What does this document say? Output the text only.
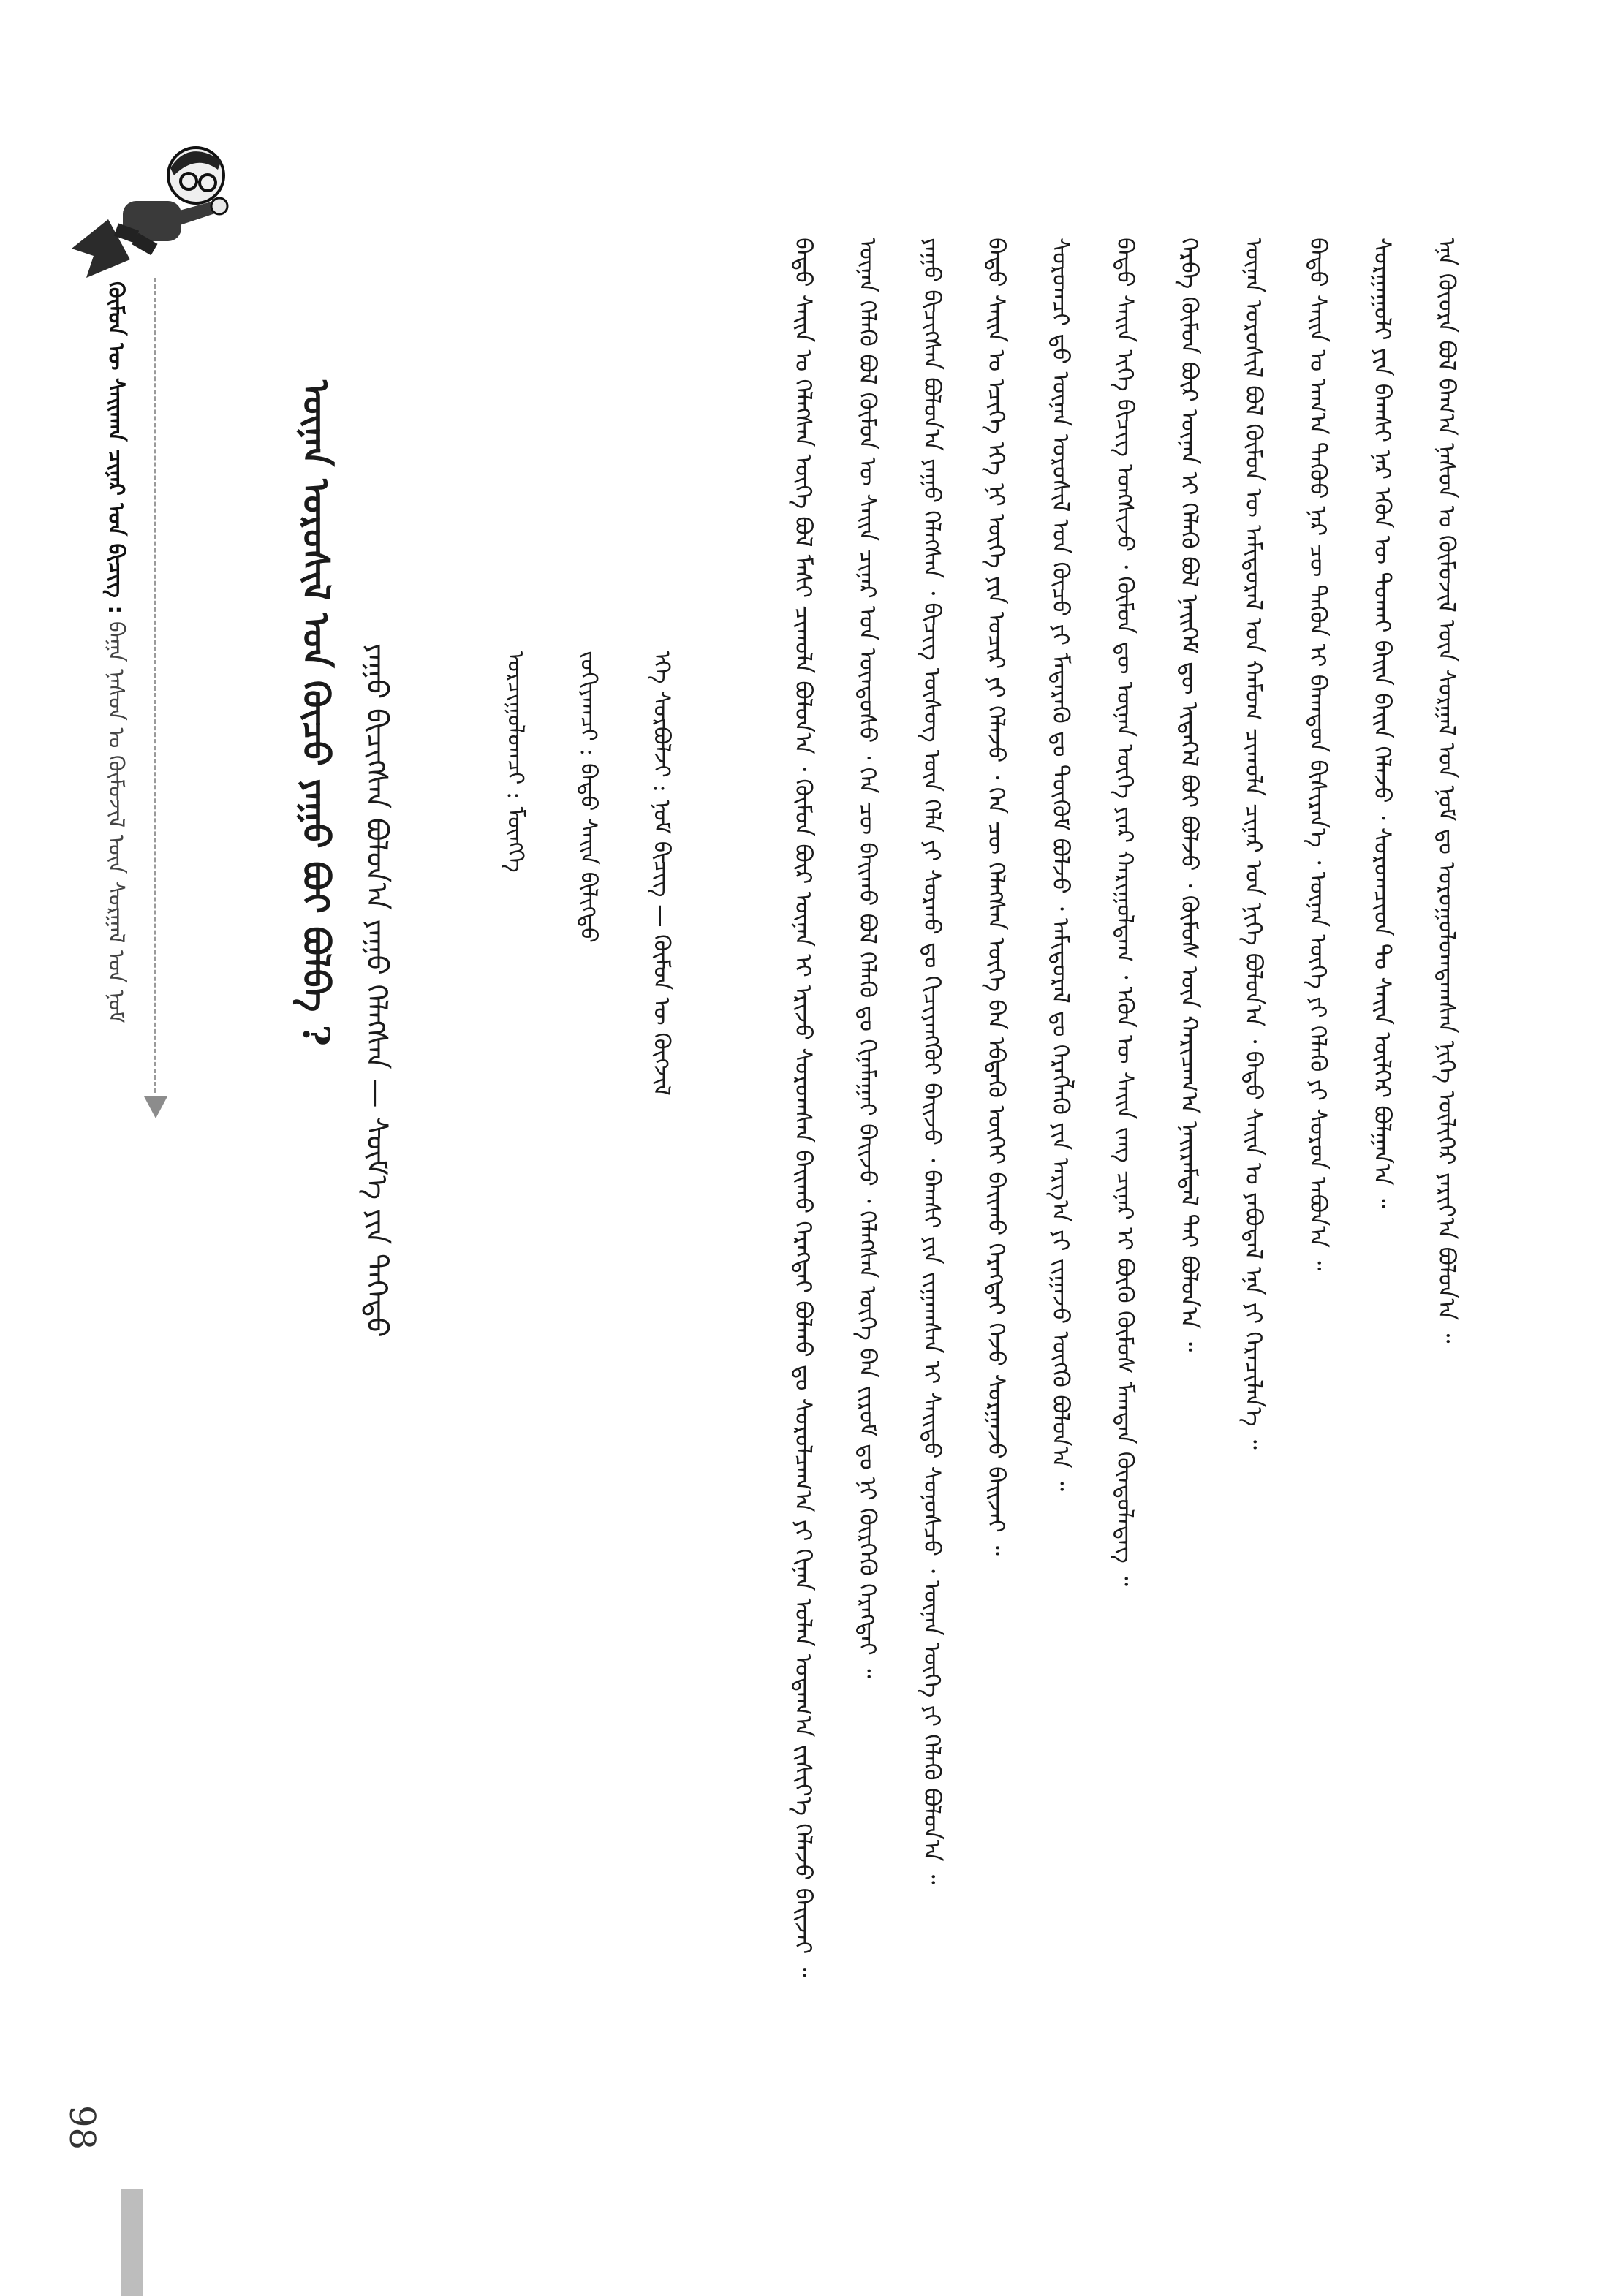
ᠬᠦᠮᠦᠨ ᠦ ᠰᠠᠢᠬᠠᠨ ᠴᠢᠨᠠᠷ ᠤᠨ ᠪᠢᠴᠢᠭ : ᠪᠠᠭᠠ ᠨᠠᠰᠤᠨ ᠤ ᠬᠦᠮᠦᠵᠢᠯ ᠦᠨ ᠰᠤᠷᠭᠠᠯ ᠤᠨ ᠨᠣᠮ	ᠦᠨᠡᠨ ᠤᠷᠤᠰᠢᠯ ᠤᠨ ᠬᠦᠴᠦ ᠶᠠᠭᠤ ᠪᠤᠢ ᠪᠣᠯᠪᠠ ? ᠶᠠᠭᠤ ᠪᠢᠴᠢᠭᠰᠡᠨ ᠪᠣᠯᠤᠨ᠎ᠠ ᠶᠠᠭᠤ ᠬᠡᠯᠡᠭᠰᠡᠨ — ᠰᠦᠮ᠎ᠡ ᠶᠢᠨ ᠳᠡᠭᠡᠳᠦ	ᠡᠬᠡ ᠰᠤᠷᠪᠤᠯᠵᠢ : ᠨᠣᠮ ᠪᠢᠴᠢᠭ — ᠬᠦᠮᠦᠨ ᠦ ᠬᠥᠭᠵᠢᠯ
ᠵᠣᠬᠢᠶᠠᠭᠴᠢ : ᠪᠠᠲᠤ ᠰᠠᠢᠨ ᠪᠢᠯᠢᠭ᠌ᠲᠦ
ᠣᠷᠴᠢᠭᠤᠯᠤᠭᠴᠢ : ᠮᠥᠩᠬᠡ	ᠪᠠᠲᠤ ᠰᠠᠢᠨ ᠤ ᠬᠡᠯᠡᠭᠰᠡᠨ ᠦᠭᠡ ᠪᠤᠯ ᠮᠠᠰᠢ ᠴᠢᠬᠤᠯᠠ ᠪᠣᠯᠤᠨ᠎ᠠ ᠂ ᠬᠦᠮᠦᠨ ᠪᠦᠷ ᠦᠨᠡᠨ ᠢ ᠡᠷᠢᠵᠦ ᠰᠤᠷᠤᠭᠰᠠᠨ ᠪᠠᠢᠬᠤ ᠬᠡᠷᠡᠭᠲᠡᠢ ᠪᠣᠯᠬᠤ ᠳᠤ ᠰᠤᠷᠤᠯᠴᠠᠭ᠎ᠠ ᠶᠢ ᠬᠢᠨᠠᠨ ᠤᠯᠠᠨ ᠤᠳᠠᠭ᠎ᠠ ᠵᠢᠱᠢᠶ᠎ᠡ ᠬᠡᠯᠡᠵᠦ ᠪᠠᠢᠵᠠᠢ ᠃	ᠦᠨᠡᠨ ᠬᠡᠯᠡᠬᠦ ᠪᠣᠯ ᠬᠦᠮᠦᠨ ᠦ ᠰᠠᠢᠨ ᠴᠢᠨᠠᠷ ᠤᠨ ᠦᠨᠳᠦᠰᠦ ᠂ ᠬᠡᠨ ᠴᠦ ᠪᠠᠢᠬᠤ ᠪᠣᠯ ᠬᠡᠯᠡᠬᠦ ᠳᠤ ᠬᠢᠨᠠᠮᠠᠭᠠᠢ ᠪᠠᠢᠵᠤ ᠂ ᠬᠡᠯᠡᠭᠰᠡᠨ ᠦᠭᠡ ᠪᠡᠨ ᠵᠢᠷᠤᠮ ᠳᠤ ᠨᠢ ᠬᠦᠷᠭᠡᠬᠦ ᠬᠡᠷᠡᠭᠲᠡᠢ ᠃	ᠶᠠᠭᠤ ᠪᠢᠴᠢᠭᠰᠡᠨ ᠪᠣᠯᠤᠨ᠎ᠠ ᠶᠠᠭᠤ ᠬᠡᠯᠡᠭᠰᠡᠨ ᠂ ᠪᠢᠴᠢᠭ ᠦᠰᠦᠭ ᠦᠨ ᠬᠡᠯᠡ ᠶᠢ ᠰᠤᠷᠬᠤ ᠳᠤ ᠬᠢᠴᠢᠶᠡᠩᠭᠦᠢ ᠪᠠᠢᠵᠤ ᠂ ᠪᠠᠭᠰᠢ ᠶᠢᠨ ᠵᠢᠭᠠᠭᠰᠠᠨ ᠢ ᠰᠠᠢᠲᠤ ᠰᠣᠨᠤᠰᠴᠤ ᠂ ᠦᠨᠡᠨ ᠦᠭᠡ ᠶᠢ ᠬᠡᠯᠡᠬᠦ ᠪᠤᠯᠤᠨ᠎ᠠ ᠃	ᠪᠠᠲᠤ ᠰᠠᠢᠨ ᠤ ᠡᠴᠢᠭᠡ ᠡᠬᠡ ᠨᠢ ᠦᠭᠡ ᠶᠢᠨ ᠤᠴᠢᠷ ᠶᠢ ᠬᠡᠯᠡᠵᠦ ᠂ ᠬᠡᠨ ᠴᠦ ᠬᠡᠯᠡᠭᠰᠡᠨ ᠦᠭᠡ ᠪᠡᠨ ᠡᠪᠳᠡᠬᠦ ᠦᠭᠡᠢ ᠪᠠᠢᠬᠤ ᠬᠡᠷᠡᠭᠲᠡᠢ ᠭᠡᠵᠦ ᠰᠤᠷᠭᠠᠵᠤ ᠪᠠᠢᠵᠠᠢ ᠃	ᠰᠤᠷᠤᠭᠴᠢ ᠳ᠋ᠤ ᠦᠨᠡᠨ ᠤᠷᠤᠰᠢᠯ ᠤᠨ ᠬᠦᠴᠦ ᠶᠢ ᠮᠡᠳᠡᠷᠡᠬᠦ ᠳᠤ ᠳᠥᠭᠥᠮ ᠪᠣᠯᠵᠤ ᠂ ᠠᠮᠢᠳᠤᠷᠠᠯ ᠳᠤ ᠬᠡᠷᠡᠭᠯᠡᠬᠦ ᠶᠢᠨ ᠠᠷᠭ᠎ᠠ ᠶᠢ ᠵᠢᠭᠠᠵᠤ ᠦᠭᠬᠦ ᠪᠣᠯᠤᠨ᠎ᠠ ᠃	ᠪᠠᠲᠤ ᠰᠠᠢᠨ ᠢᠬᠡ ᠪᠢᠴᠢᠭ ᠤᠩᠰᠢᠵᠤ ᠂ ᠬᠦᠮᠦᠨ ᠳᠦ ᠦᠨᠡᠨ ᠦᠭᠡ ᠶᠢᠡᠷ ᠬᠠᠷᠢᠭᠤᠯᠳᠠᠭ ᠂ ᠡᠭᠦᠨ ᠦ ᠰᠠᠢᠨ ᠵᠠᠩ ᠴᠢᠨᠠᠷ ᠢ ᠪᠦᠬᠦ ᠬᠦᠮᠦᠰ ᠮᠠᠭᠲᠠᠨ ᠬᠦᠨᠳᠦᠯᠡᠳᠡᠭ ᠃	ᠬᠡᠷᠪᠡ ᠬᠦᠮᠦᠨ ᠪᠦᠷ ᠦᠨᠡᠨ ᠢ ᠬᠡᠯᠡᠬᠦ ᠪᠣᠯ ᠨᠡᠢᠭᠡᠮ ᠳᠦ ᠢᠲᠡᠭᠡᠯ ᠪᠣᠢ ᠪᠣᠯᠵᠤ ᠂ ᠬᠦᠮᠦᠰ ᠦᠨ ᠬᠠᠷᠢᠴᠠᠭ᠎ᠠ ᠨᠠᠢᠷᠠᠮᠳᠠᠯ ᠲᠠᠢ ᠪᠣᠯᠤᠨ᠎ᠠ ᠃	ᠦᠨᠡᠨ ᠤᠷᠤᠰᠢᠯ ᠪᠣᠯ ᠬᠦᠮᠦᠨ ᠦ ᠠᠮᠢᠳᠤᠷᠠᠯ ᠤᠨ ᠬᠠᠮᠤᠭ ᠴᠢᠬᠤᠯᠠ ᠴᠢᠨᠠᠷ ᠤᠨ ᠨᠢᠭᠡ ᠪᠣᠯᠤᠨ᠎ᠠ ᠂ ᠪᠠᠲᠤ ᠰᠠᠢᠨ ᠤ ᠶᠠᠪᠤᠳᠠᠯ ᠡᠨᠡ ᠶᠢ ᠭᠡᠷᠡᠴᠢᠯᠡᠨ᠎ᠡ ᠃	ᠪᠠᠲᠤ ᠰᠠᠢᠨ ᠤ ᠠᠬ᠎ᠠ ᠳᠡᠭᠦᠦ ᠨᠠᠷ ᠴᠦ ᠲᠡᠭᠦᠨ ᠢ ᠪᠠᠬᠠᠳᠤᠨ ᠪᠢᠰᠢᠷᠡᠨ᠎ᠡ ᠂ ᠦᠨᠡᠨ ᠦᠭᠡ ᠶᠢ ᠬᠡᠯᠡᠬᠦ ᠶᠢ ᠰᠤᠷᠤᠨ ᠠᠪᠤᠨ᠎ᠠ ᠃	ᠰᠤᠷᠭᠠᠭᠤᠯᠢ ᠶᠢᠨ ᠪᠠᠭᠰᠢ ᠨᠠᠷ ᠡᠭᠦᠨ ᠦ ᠲᠤᠬᠠᠢ ᠪᠠᠢᠨ ᠪᠠᠢᠨ ᠬᠡᠯᠡᠵᠦ ᠂ ᠰᠤᠷᠤᠭᠴᠢᠳ ᠲᠤ ᠰᠠᠢᠨ ᠦᠯᠭᠡᠷ ᠪᠣᠯᠭᠠᠨ᠎ᠠ ᠃	ᠡᠨᠡ ᠬᠦᠦᠷᠡ ᠪᠣᠯ ᠪᠠᠭ᠎ᠠ ᠨᠠᠰᠤᠨ ᠤ ᠬᠦᠮᠦᠵᠢᠯ ᠦᠨ ᠰᠤᠷᠭᠠᠯ ᠤᠨ ᠨᠣᠮ ᠳᠤ ᠣᠷᠤᠭᠤᠯᠤᠭᠳᠠᠭᠰᠠᠨ ᠨᠢᠭᠡ ᠦᠯᠢᠭᠡᠷ ᠶᠠᠷᠢᠶ᠎ᠠ ᠪᠣᠯᠤᠨ᠎ᠠ ᠃
98
